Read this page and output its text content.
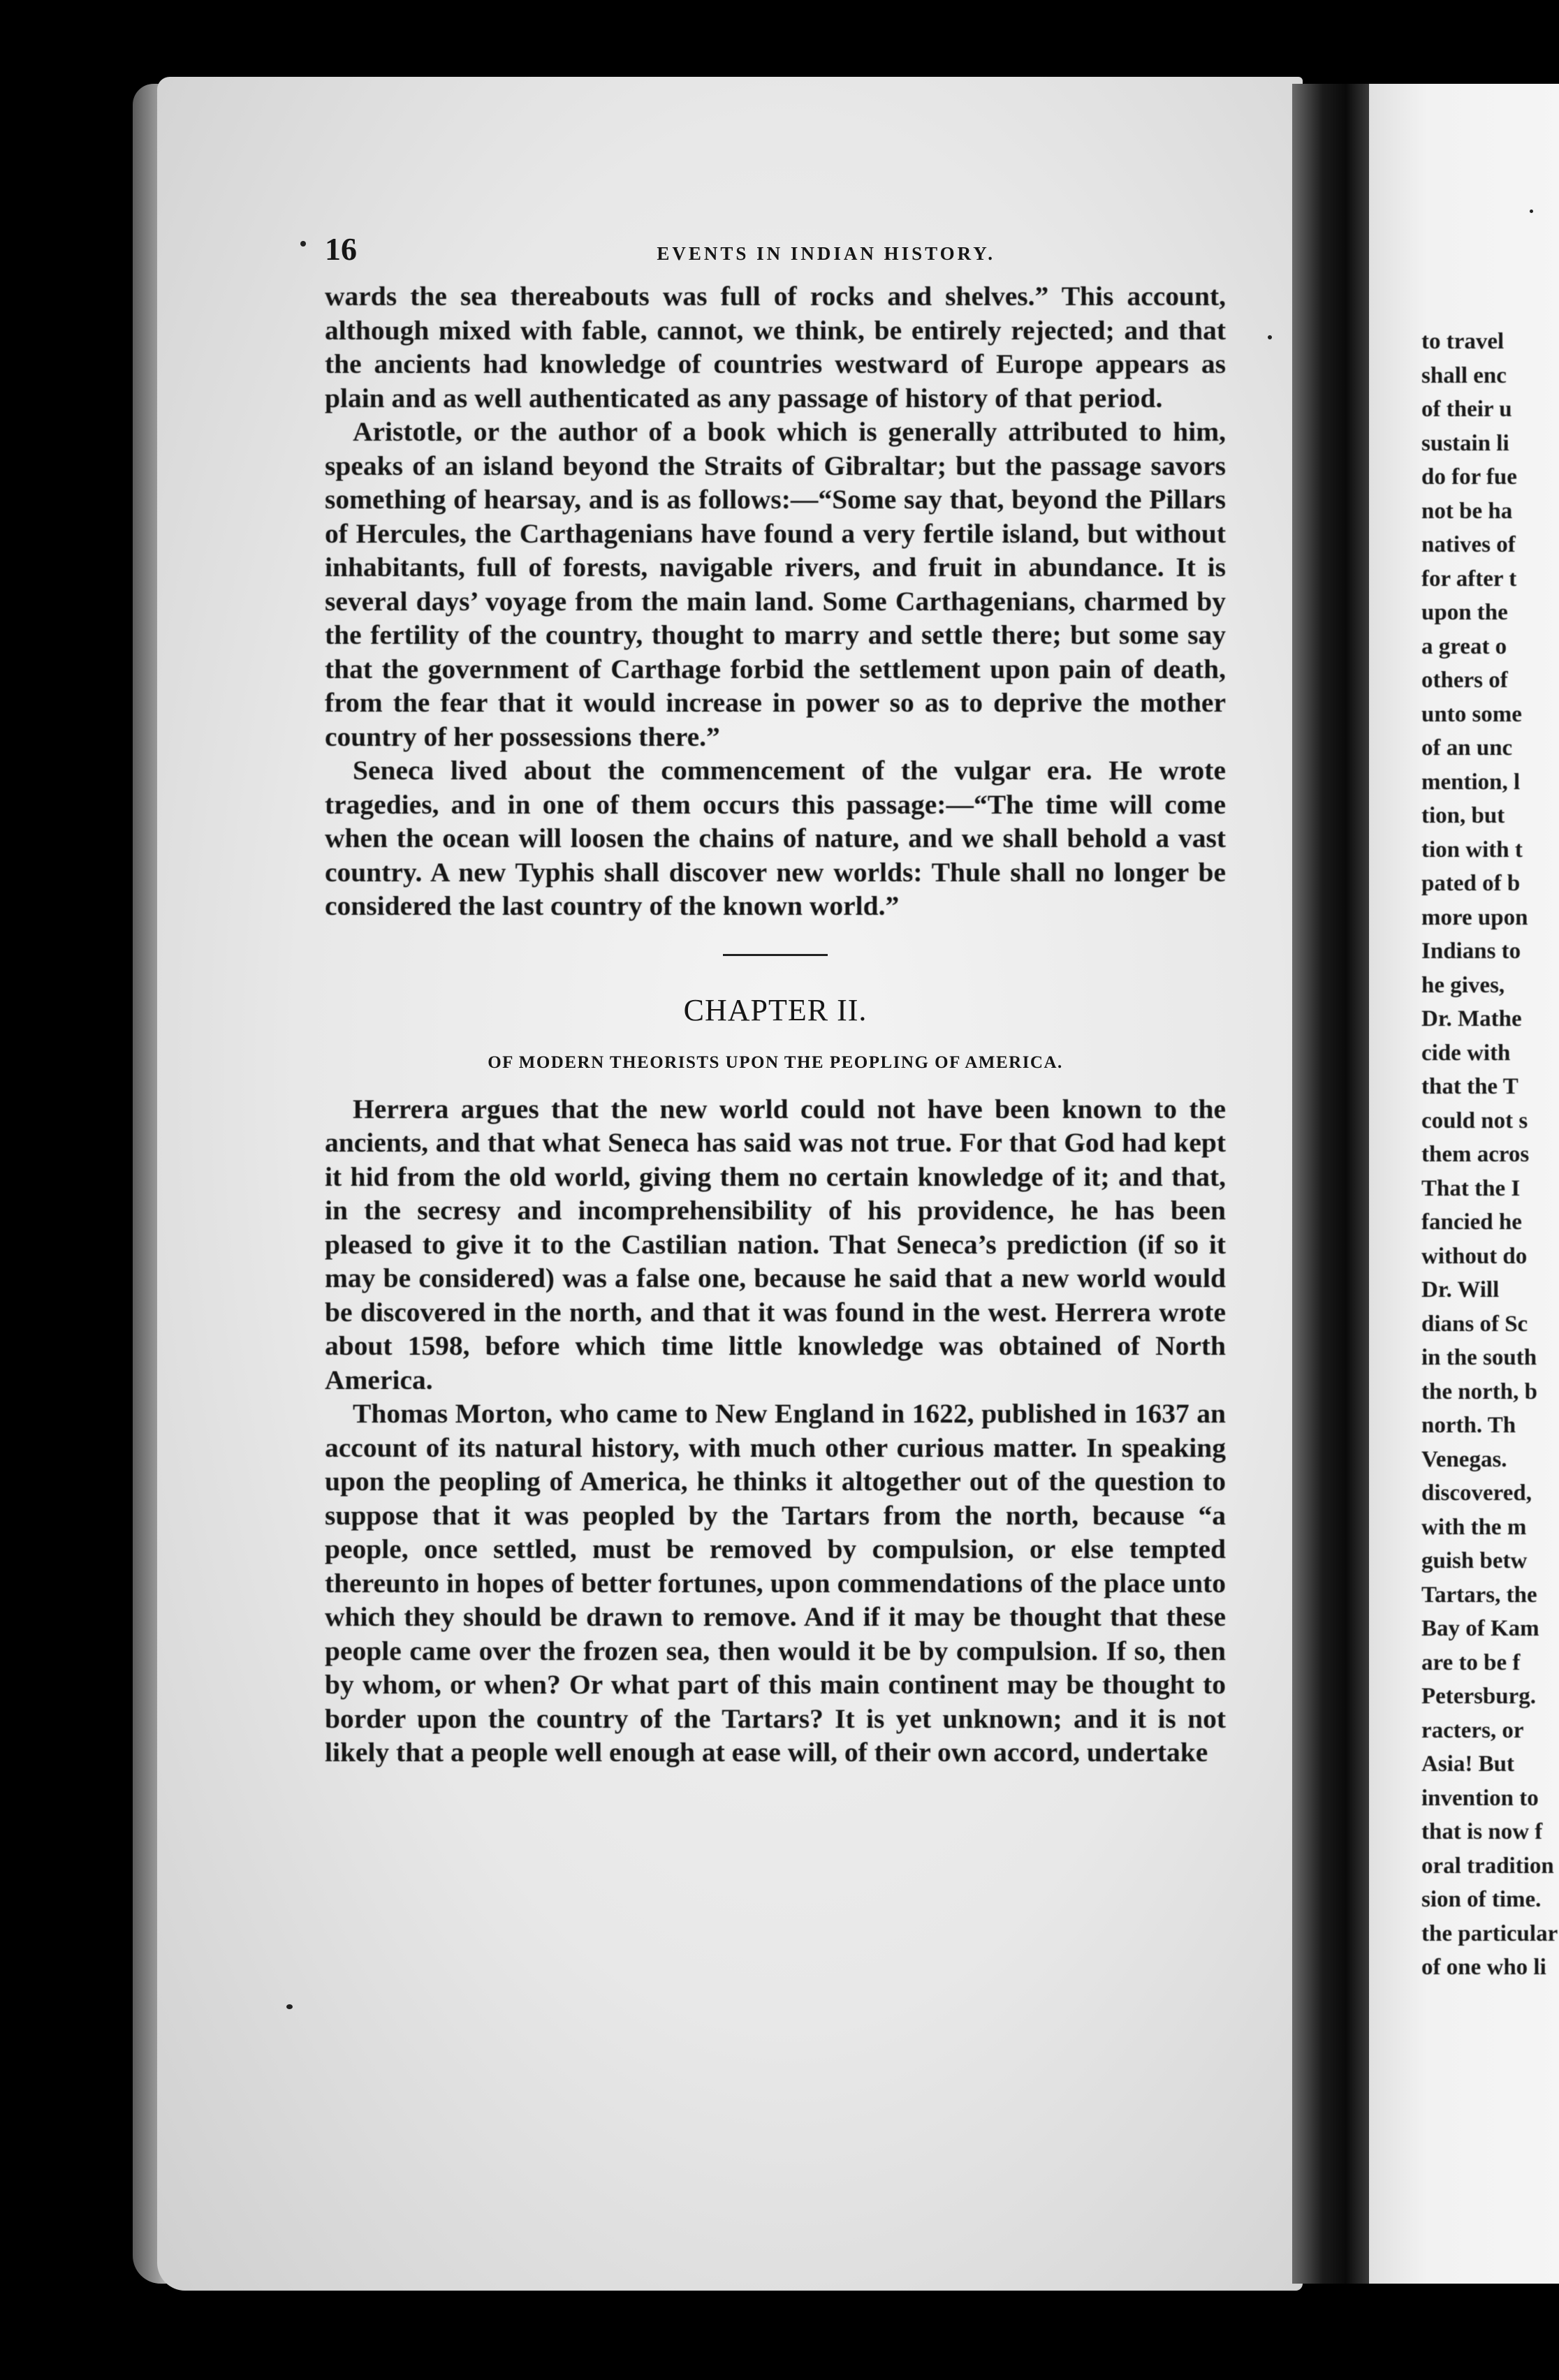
16	EVENTS IN INDIAN HISTORY.

wards the sea thereabouts was full of rocks and shelves.” This account, although mixed with fable, cannot, we think, be entirely rejected; and that the ancients had knowledge of countries westward of Europe appears as plain and as well authenticated as any passage of history of that period.

Aristotle, or the author of a book which is generally attributed to him, speaks of an island beyond the Straits of Gibraltar; but the passage savors something of hearsay, and is as follows:—“Some say that, beyond the Pillars of Hercules, the Carthagenians have found a very fertile island, but without inhabitants, full of forests, navigable rivers, and fruit in abundance. It is several days’ voyage from the main land. Some Carthagenians, charmed by the fertility of the country, thought to marry and settle there; but some say that the government of Carthage forbid the settlement upon pain of death, from the fear that it would increase in power so as to deprive the mother country of her possessions there.”

Seneca lived about the commencement of the vulgar era. He wrote tragedies, and in one of them occurs this passage:—“The time will come when the ocean will loosen the chains of nature, and we shall behold a vast country. A new Typhis shall discover new worlds: Thule shall no longer be considered the last country of the known world.”

CHAPTER II.
OF MODERN THEORISTS UPON THE PEOPLING OF AMERICA.

Herrera argues that the new world could not have been known to the ancients, and that what Seneca has said was not true. For that God had kept it hid from the old world, giving them no certain knowledge of it; and that, in the secresy and incomprehensibility of his providence, he has been pleased to give it to the Castilian nation. That Seneca’s prediction (if so it may be considered) was a false one, because he said that a new world would be discovered in the north, and that it was found in the west. Herrera wrote about 1598, before which time little knowledge was obtained of North America.

Thomas Morton, who came to New England in 1622, published in 1637 an account of its natural history, with much other curious matter. In speaking upon the peopling of America, he thinks it altogether out of the question to suppose that it was peopled by the Tartars from the north, because “a people, once settled, must be removed by compulsion, or else tempted thereunto in hopes of better fortunes, upon commendations of the place unto which they should be drawn to remove. And if it may be thought that these people came over the frozen sea, then would it be by compulsion. If so, then by whom, or when? Or what part of this main continent may be thought to border upon the country of the Tartars? It is yet unknown; and it is not likely that a people well enough at ease will, of their own accord, undertake

to travel
shall enc
of their u
sustain li
do for fue
not be ha
natives of
for after t
upon the
a great o
others of
unto some
of an unc
mention, l
tion, but
tion with t
pated of b
more upon
Indians to
he gives,
Dr. Mathe
cide with
that the T
could not s
them acros
That the I
fancied he
without do
Dr. Will
dians of Sc
in the south
the north, b
north. Th
Venegas.
discovered,
with the m
guish betw
Tartars, the
Bay of Kam
are to be f
Petersburg.
racters, or
Asia! But
invention to
that is now f
oral tradition
sion of time.
the particular
of one who li
